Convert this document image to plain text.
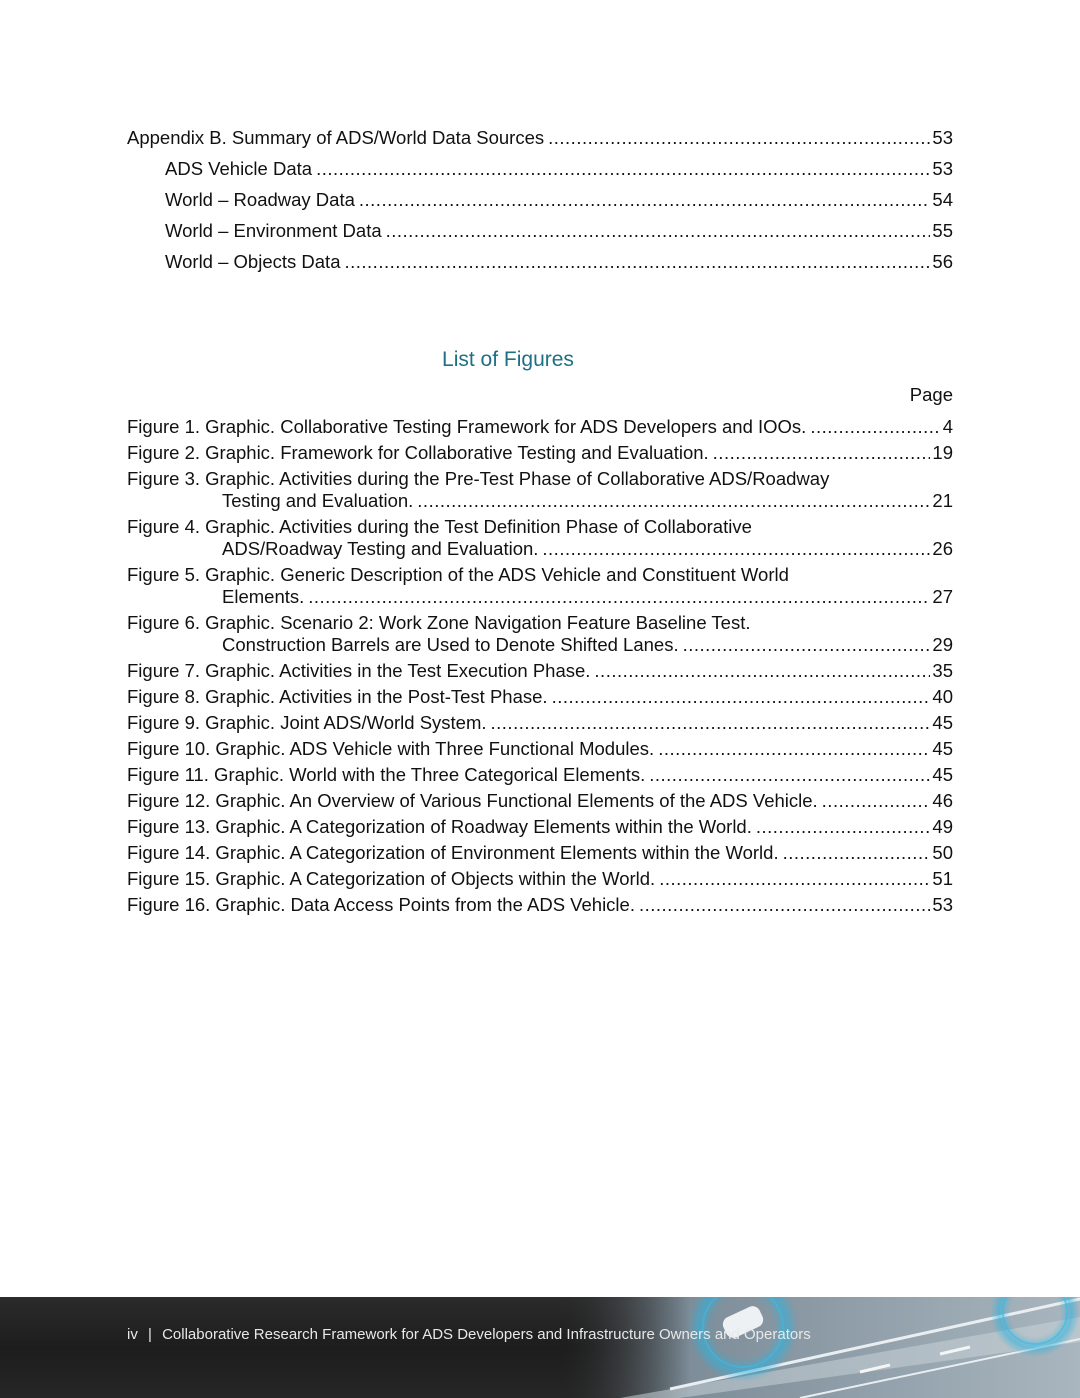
Appendix B. Summary of ADS/World Data Sources .....	53
ADS Vehicle Data .....	53
World – Roadway Data .....	54
World – Environment Data .....	55
World – Objects Data .....	56
List of Figures
Page
Figure 1. Graphic. Collaborative Testing Framework for ADS Developers and IOOs. .....	4
Figure 2. Graphic. Framework for Collaborative Testing and Evaluation. .....	19
Figure 3. Graphic. Activities during the Pre-Test Phase of Collaborative ADS/Roadway
Testing and Evaluation. .....	21
Figure 4. Graphic. Activities during the Test Definition Phase of Collaborative
ADS/Roadway Testing and Evaluation. .....	26
Figure 5. Graphic. Generic Description of the ADS Vehicle and Constituent World
Elements. .....	27
Figure 6. Graphic. Scenario 2: Work Zone Navigation Feature Baseline Test.
Construction Barrels are Used to Denote Shifted Lanes. .....	29
Figure 7. Graphic. Activities in the Test Execution Phase. .....	35
Figure 8. Graphic. Activities in the Post-Test Phase. .....	40
Figure 9. Graphic. Joint ADS/World System. .....	45
Figure 10. Graphic. ADS Vehicle with Three Functional Modules. .....	45
Figure 11. Graphic. World with the Three Categorical Elements. .....	45
Figure 12. Graphic. An Overview of Various Functional Elements of the ADS Vehicle. .....	46
Figure 13. Graphic. A Categorization of Roadway Elements within the World. .....	49
Figure 14. Graphic. A Categorization of Environment Elements within the World. .....	50
Figure 15. Graphic. A Categorization of Objects within the World. .....	51
Figure 16. Graphic. Data Access Points from the ADS Vehicle. .....	53
iv | Collaborative Research Framework for ADS Developers and Infrastructure Owners and Operators
